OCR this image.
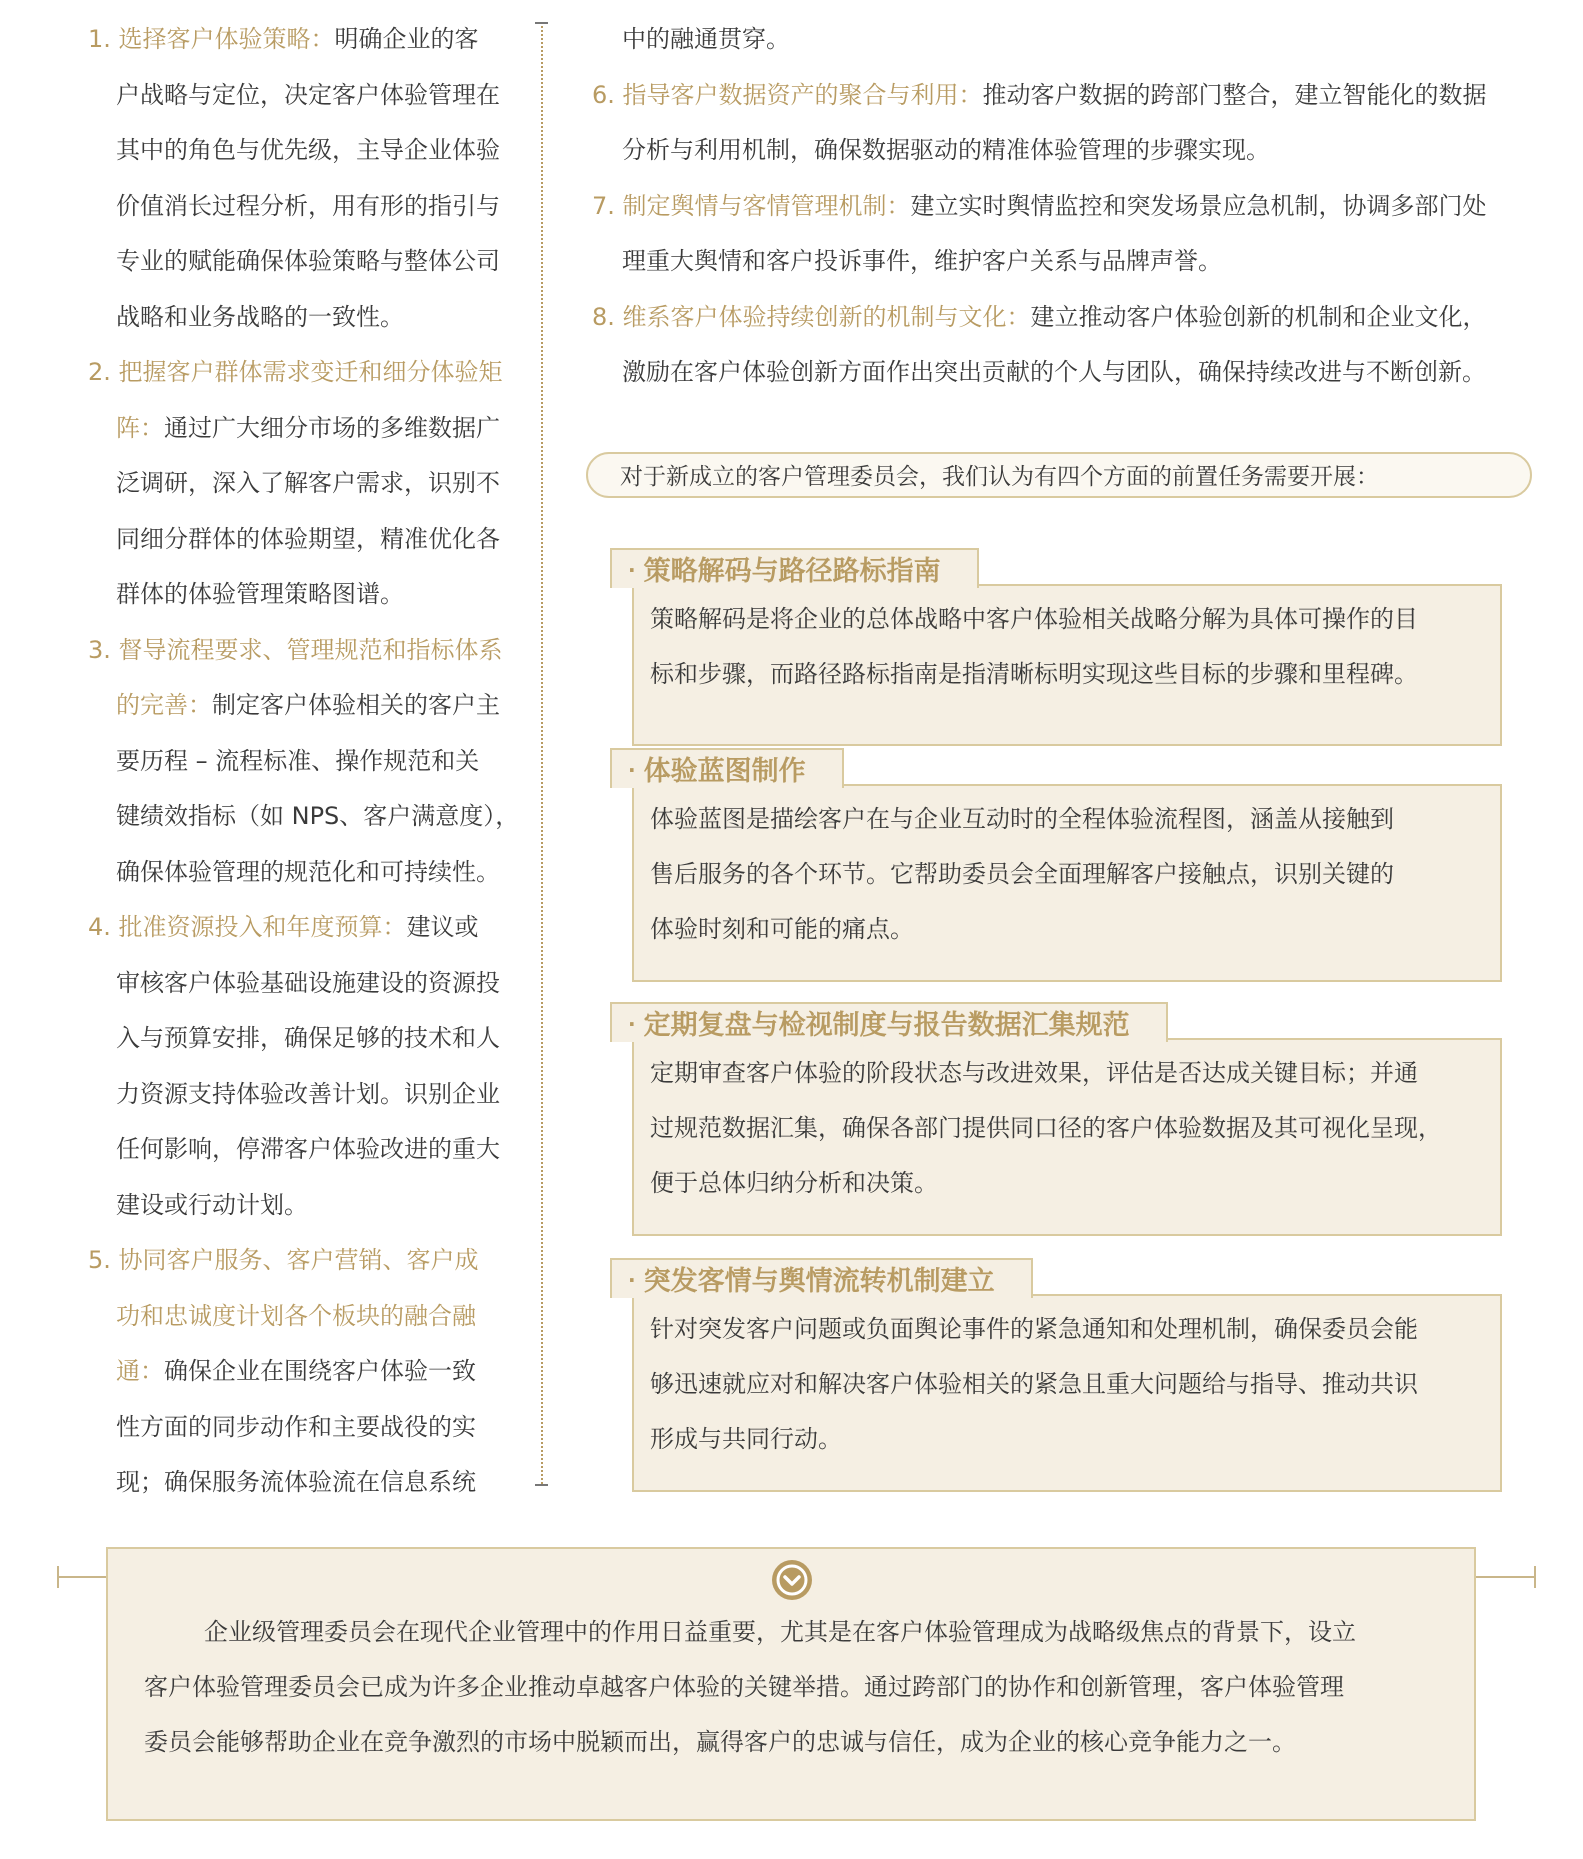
1. 选择客户体验策略：明确企业的客
户战略与定位，决定客户体验管理在
其中的角色与优先级，主导企业体验
价值消长过程分析，用有形的指引与
专业的赋能确保体验策略与整体公司
战略和业务战略的一致性。
2. 把握客户群体需求变迁和细分体验矩
阵：通过广大细分市场的多维数据广
泛调研，深入了解客户需求，识别不
同细分群体的体验期望，精准优化各
群体的体验管理策略图谱。
3. 督导流程要求、管理规范和指标体系
的完善：制定客户体验相关的客户主
要历程 – 流程标准、操作规范和关
键绩效指标（如 NPS、客户满意度），
确保体验管理的规范化和可持续性。
4. 批准资源投入和年度预算：建议或
审核客户体验基础设施建设的资源投
入与预算安排，确保足够的技术和人
力资源支持体验改善计划。识别企业
任何影响，停滞客户体验改进的重大
建设或行动计划。
5. 协同客户服务、客户营销、客户成
功和忠诚度计划各个板块的融合融
通：确保企业在围绕客户体验一致
性方面的同步动作和主要战役的实
现；确保服务流体验流在信息系统
中的融通贯穿。
6. 指导客户数据资产的聚合与利用：推动客户数据的跨部门整合，建立智能化的数据
分析与利用机制，确保数据驱动的精准体验管理的步骤实现。
7. 制定舆情与客情管理机制：建立实时舆情监控和突发场景应急机制，协调多部门处
理重大舆情和客户投诉事件，维护客户关系与品牌声誉。
8. 维系客户体验持续创新的机制与文化：建立推动客户体验创新的机制和企业文化，
激励在客户体验创新方面作出突出贡献的个人与团队，确保持续改进与不断创新。
对于新成立的客户管理委员会，我们认为有四个方面的前置任务需要开展：
策略解码是将企业的总体战略中客户体验相关战略分解为具体可操作的目
标和步骤，而路径路标指南是指清晰标明实现这些目标的步骤和里程碑。
· 策略解码与路径路标指南
体验蓝图是描绘客户在与企业互动时的全程体验流程图，涵盖从接触到
售后服务的各个环节。它帮助委员会全面理解客户接触点，识别关键的
体验时刻和可能的痛点。
· 体验蓝图制作
定期审查客户体验的阶段状态与改进效果，评估是否达成关键目标；并通
过规范数据汇集，确保各部门提供同口径的客户体验数据及其可视化呈现，
便于总体归纳分析和决策。
· 定期复盘与检视制度与报告数据汇集规范
针对突发客户问题或负面舆论事件的紧急通知和处理机制，确保委员会能
够迅速就应对和解决客户体验相关的紧急且重大问题给与指导、推动共识
形成与共同行动。
· 突发客情与舆情流转机制建立
企业级管理委员会在现代企业管理中的作用日益重要，尤其是在客户体验管理成为战略级焦点的背景下，设立
客户体验管理委员会已成为许多企业推动卓越客户体验的关键举措。通过跨部门的协作和创新管理，客户体验管理
委员会能够帮助企业在竞争激烈的市场中脱颖而出，赢得客户的忠诚与信任，成为企业的核心竞争能力之一。
